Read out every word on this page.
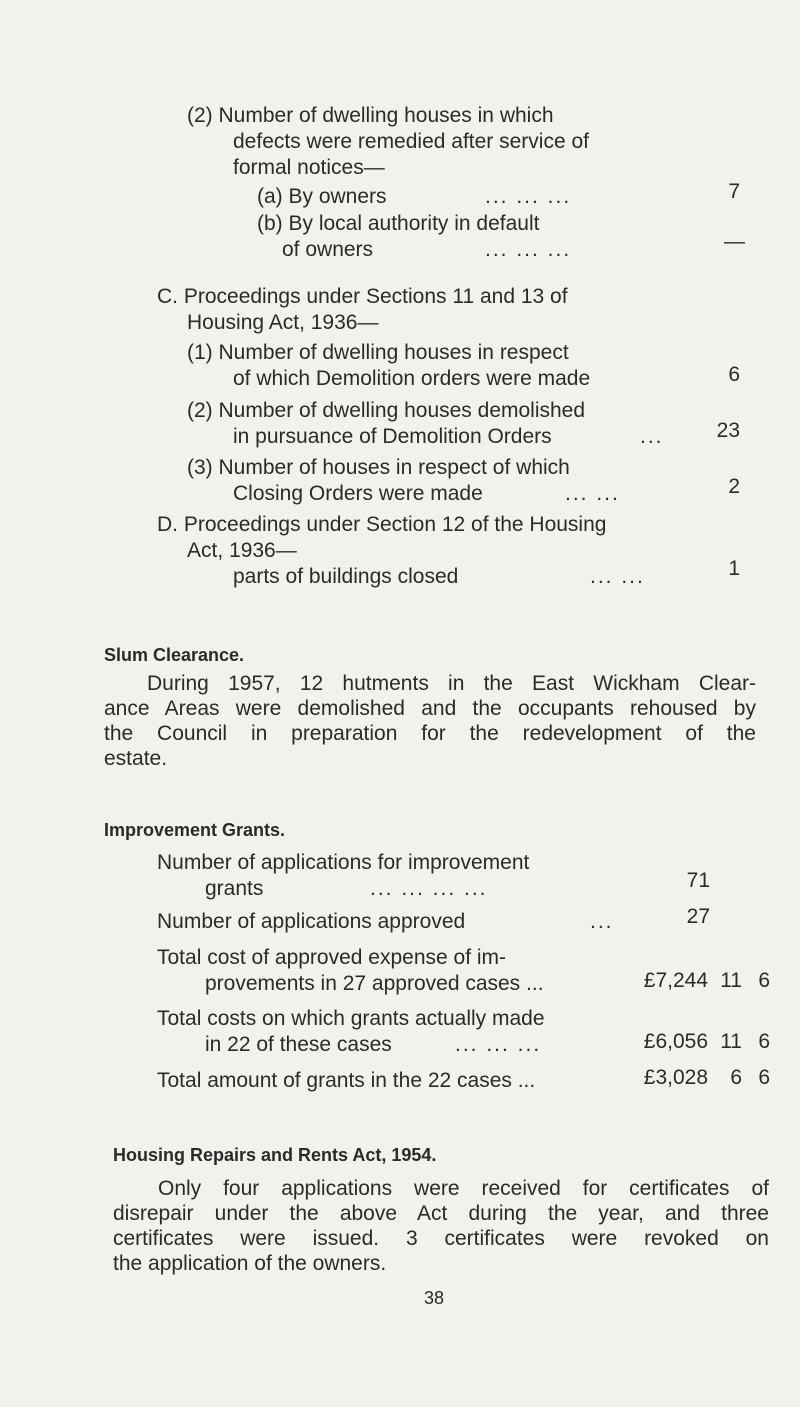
(2) Number of dwelling houses in which
defects were remedied after service of
formal notices—
(a) By owners	... ... ...	7
(b) By local authority in default
of owners	... ... ...	—
C. Proceedings under Sections 11 and 13 of
Housing Act, 1936—
(1) Number of dwelling houses in respect
of which Demolition orders were made	6
(2) Number of dwelling houses demolished
in pursuance of Demolition Orders	...	23
(3) Number of houses in respect of which
Closing Orders were made	... ...	2
D. Proceedings under Section 12 of the Housing
Act, 1936—
parts of buildings closed	... ...	1
Slum Clearance.
During 1957, 12 hutments in the East Wickham Clear-
ance Areas were demolished and the occupants rehoused by
the Council in preparation for the redevelopment of the
estate.
Improvement Grants.
Number of applications for improvement
grants	... ... ... ...	71
Number of applications approved	...	27
Total cost of approved expense of im-
provements in 27 approved cases ...	£7,244 11 6
Total costs on which grants actually made
in 22 of these cases	... ... ...	£6,056 11 6
Total amount of grants in the 22 cases ...	£3,028	6 6
Housing Repairs and Rents Act, 1954.
Only four applications were received for certificates of
disrepair under the above Act during the year, and three
certificates were issued. 3 certificates were revoked on
the application of the owners.
38
